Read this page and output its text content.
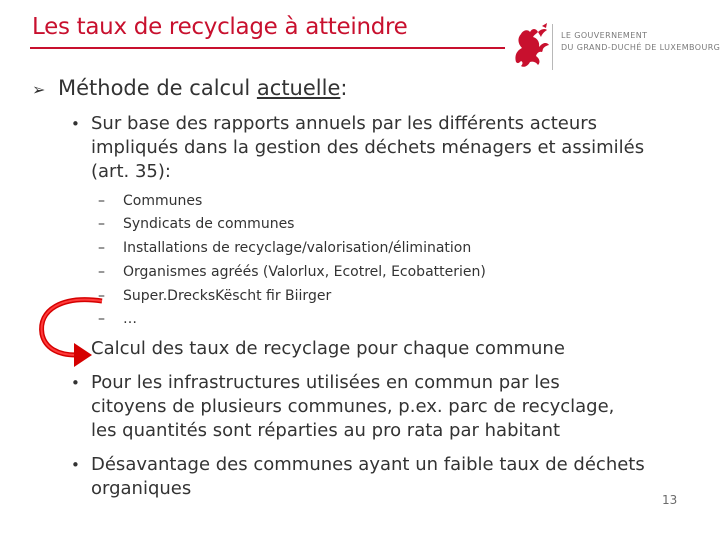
Les taux de recyclage à atteindre	LE GOUVERNEMENT
DU GRAND-DUCHÉ DE LUXEMBOURG
➢ Méthode de calcul actuelle:
• Sur base des rapports annuels par les différents acteurs
impliqués dans la gestion des déchets ménagers et assimilés
(art. 35):
– Communes
– Syndicats de communes
– Installations de recyclage/valorisation/élimination
– Organismes agréés (Valorlux, Ecotrel, Ecobatterien)
– Super.DrecksKëscht fir Biirger
– …
Calcul des taux de recyclage pour chaque commune
• Pour les infrastructures utilisées en commun par les
citoyens de plusieurs communes, p.ex. parc de recyclage,
les quantités sont réparties au pro rata par habitant
• Désavantage des communes ayant un faible taux de déchets
organiques
13
